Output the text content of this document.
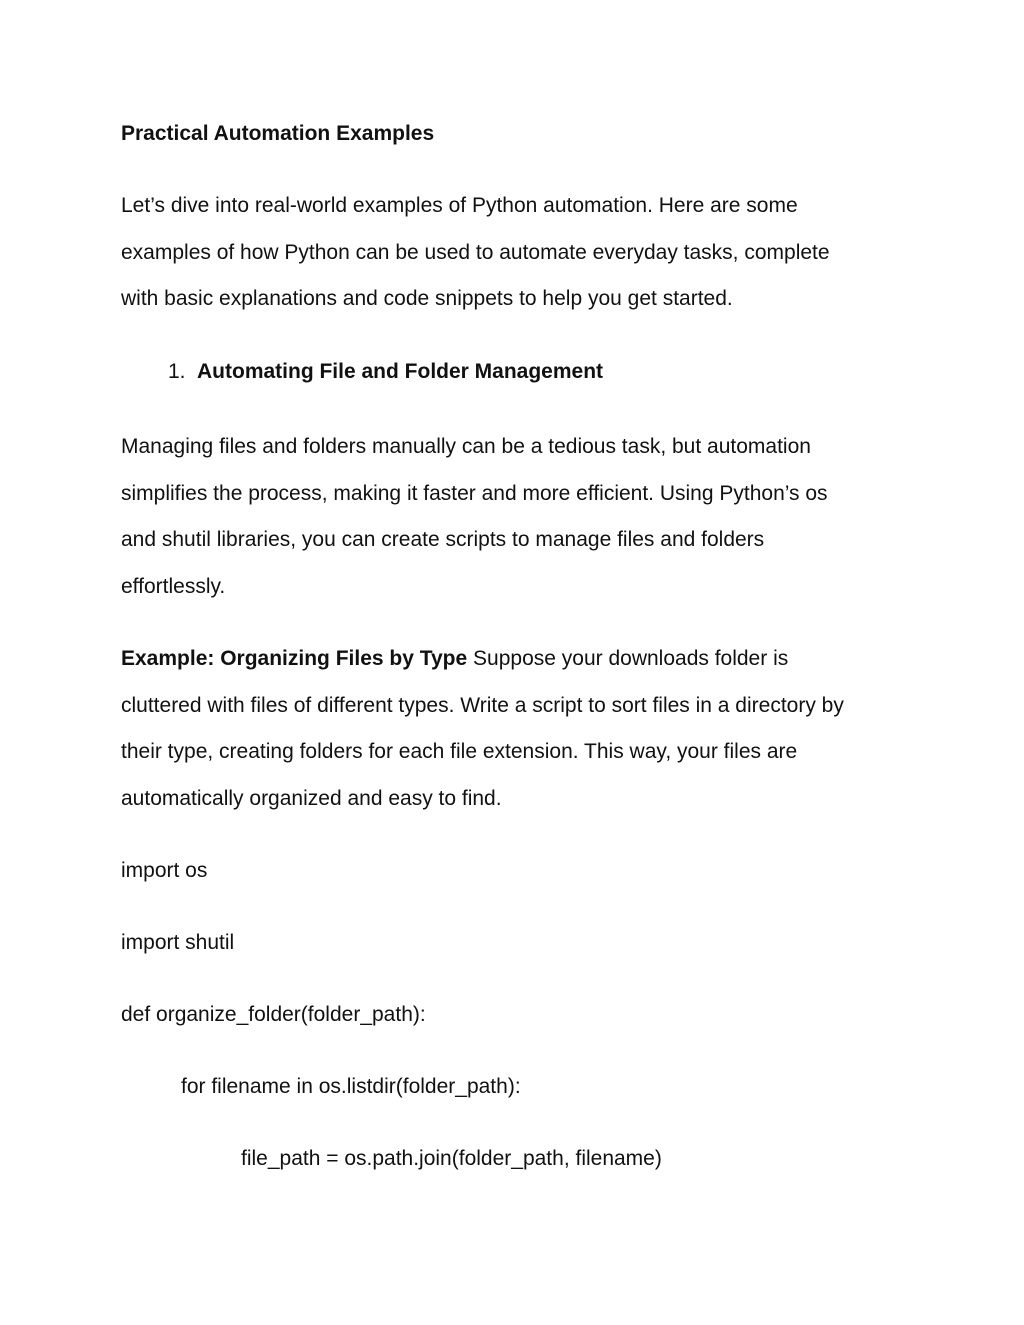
Practical Automation Examples
Let’s dive into real-world examples of Python automation. Here are some
examples of how Python can be used to automate everyday tasks, complete
with basic explanations and code snippets to help you get started.
1. Automating File and Folder Management
Managing files and folders manually can be a tedious task, but automation
simplifies the process, making it faster and more efficient. Using Python’s os
and shutil libraries, you can create scripts to manage files and folders
effortlessly.
Example: Organizing Files by Type Suppose your downloads folder is
cluttered with files of different types. Write a script to sort files in a directory by
their type, creating folders for each file extension. This way, your files are
automatically organized and easy to find.
import os
import shutil
def organize_folder(folder_path):
for filename in os.listdir(folder_path):
file_path = os.path.join(folder_path, filename)
